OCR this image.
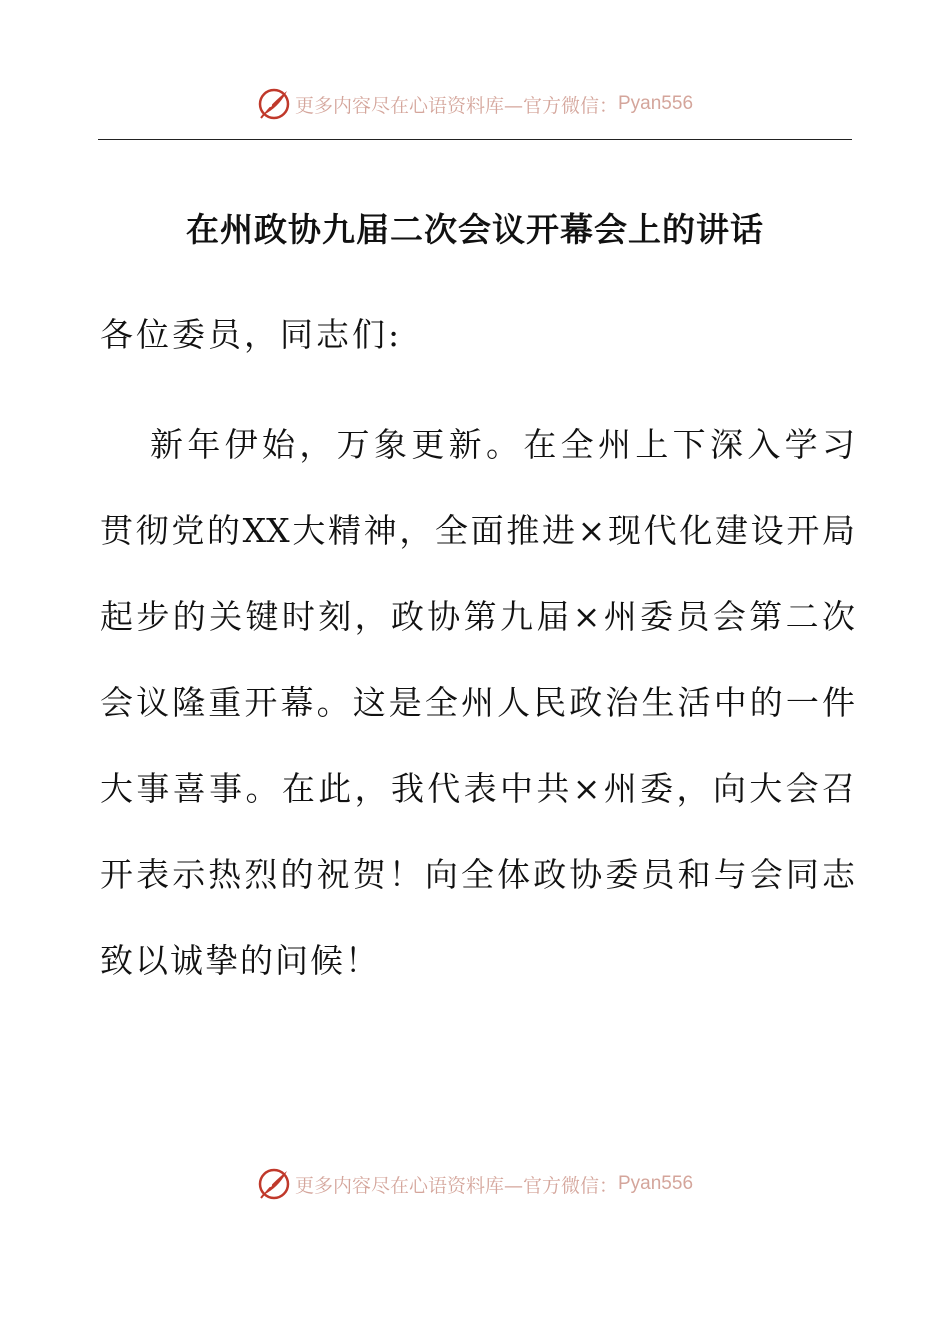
更多内容尽在心语资料库—官方微信： Pyan556
在州政协九届二次会议开幕会上的讲话

各位委员，同志们:

新年伊始，万象更新。在全州上下深入学习
贯彻党的XX大精神，全面推进×现代化建设开局
起步的关键时刻，政协第九届×州委员会第二次
会议隆重开幕。这是全州人民政治生活中的一件
大事喜事。在此，我代表中共×州委，向大会召
开表示热烈的祝贺！向全体政协委员和与会同志
致以诚挚的问候！
更多内容尽在心语资料库—官方微信： Pyan556
